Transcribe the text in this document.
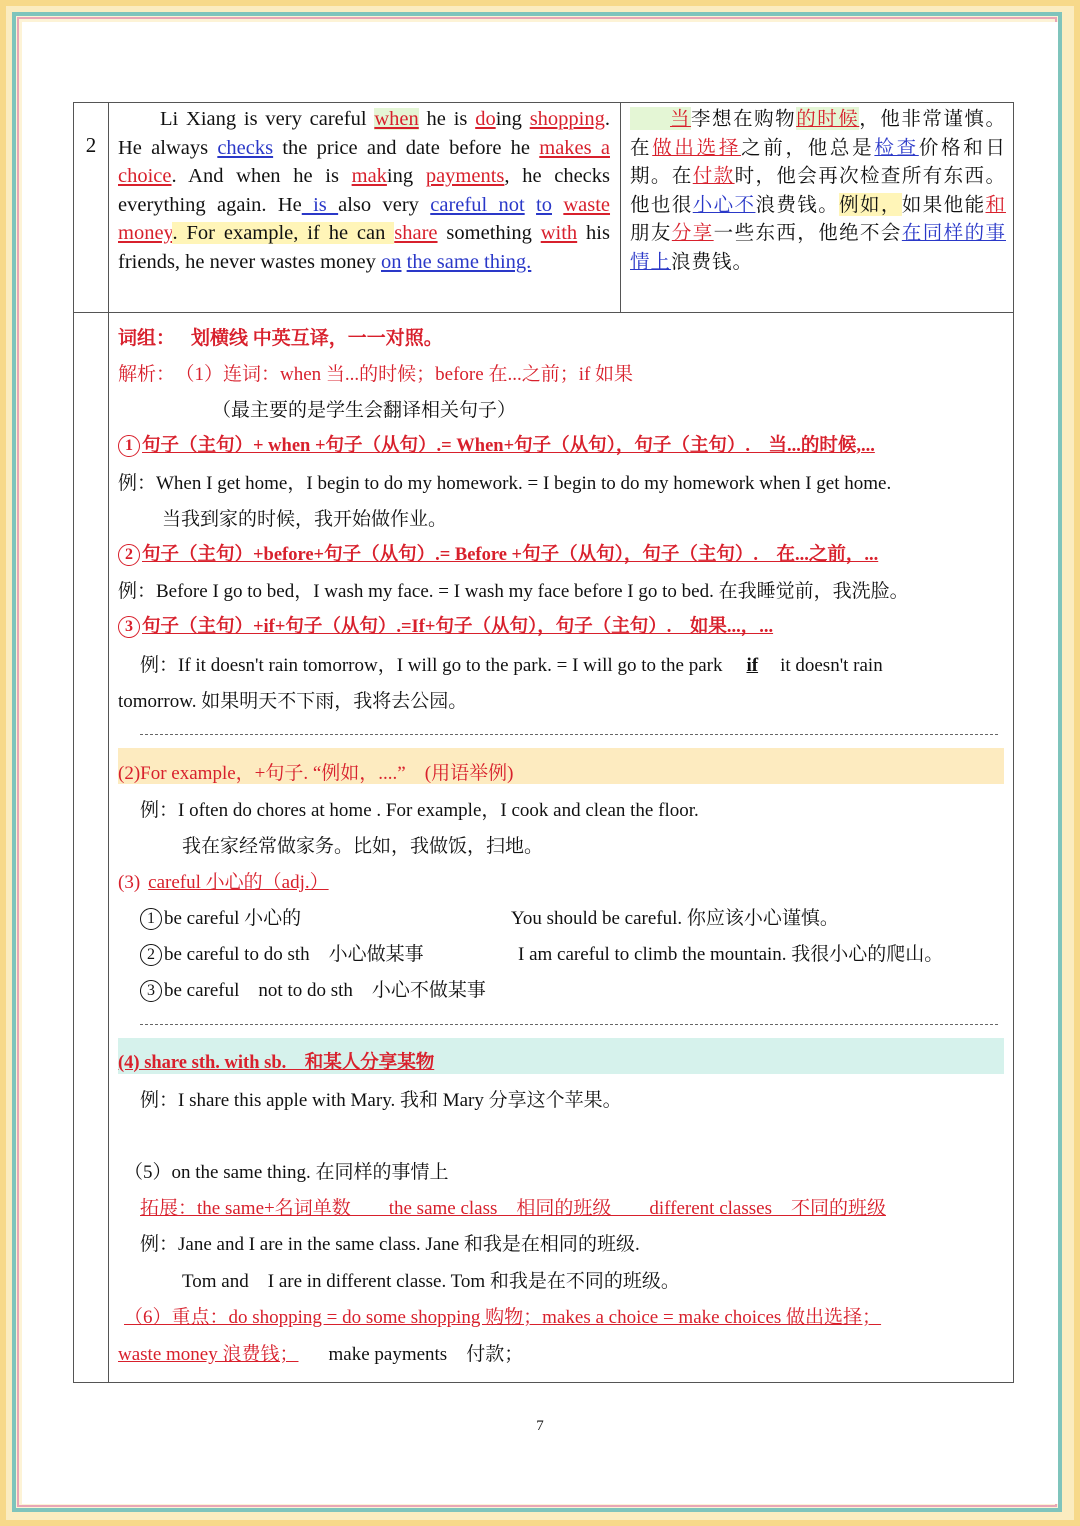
2
Li Xiang is very careful when he is doing shopping. He always checks the price and date before he makes a choice. And when he is making payments, he checks everything again. He is also very careful not to waste money. For example, if he can share something with his friends, he never wastes money on the same thing.
当李想在购物的时候，他非常谨慎。在做出选择之前，他总是检查价格和日期。在付款时，他会再次检查所有东西。他也很小心不浪费钱。例如，如果他能和朋友分享一些东西，他绝不会在同样的事情上浪费钱。
词组： 划横线 中英互译，一一对照。
解析： （1）连词：when 当...的时候；before 在...之前；if 如果
（最主要的是学生会翻译相关句子）
1 句子（主句）+ when +句子（从句）.= When+句子（从句），句子（主句）.　当...的时候,...
例：When I get home，I begin to do my homework. = I begin to do my homework when I get home.
当我到家的时候，我开始做作业。
2 句子（主句）+before+句子（从句）.= Before +句子（从句），句子（主句）.　在...之前，...
例：Before I go to bed，I wash my face. = I wash my face before I go to bed. 在我睡觉前，我洗脸。
3 句子（主句）+if+句子（从句）.=If+句子（从句），句子（主句）.　如果...，...
例：If it doesn't rain tomorrow，I will go to the park. = I will go to the park if it doesn't rain
tomorrow. 如果明天不下雨，我将去公园。
(2)For example，+句子. “例如，....”　(用语举例)
例：I often do chores at home . For example，I cook and clean the floor.
我在家经常做家务。比如，我做饭，扫地。
(3) careful 小心的（adj.）
1 be careful 小心的	You should be careful. 你应该小心谨慎。
2 be careful to do sth　小心做某事	I am careful to climb the mountain. 我很小心的爬山。
3 be careful　not to do sth　小心不做某事
(4) share sth. with sb.　和某人分享某物
例：I share this apple with Mary. 我和 Mary 分享这个苹果。
（5）on the same thing. 在同样的事情上
拓展：the same+名词单数　　the same class　相同的班级　　different classes　不同的班级
例：Jane and I are in the same class. Jane 和我是在相同的班级.
Tom and　I are in different classe. Tom 和我是在不同的班级。
（6）重点：do shopping = do some shopping 购物；makes a choice = make choices 做出选择；
waste money 浪费钱； make payments　付款；
7
